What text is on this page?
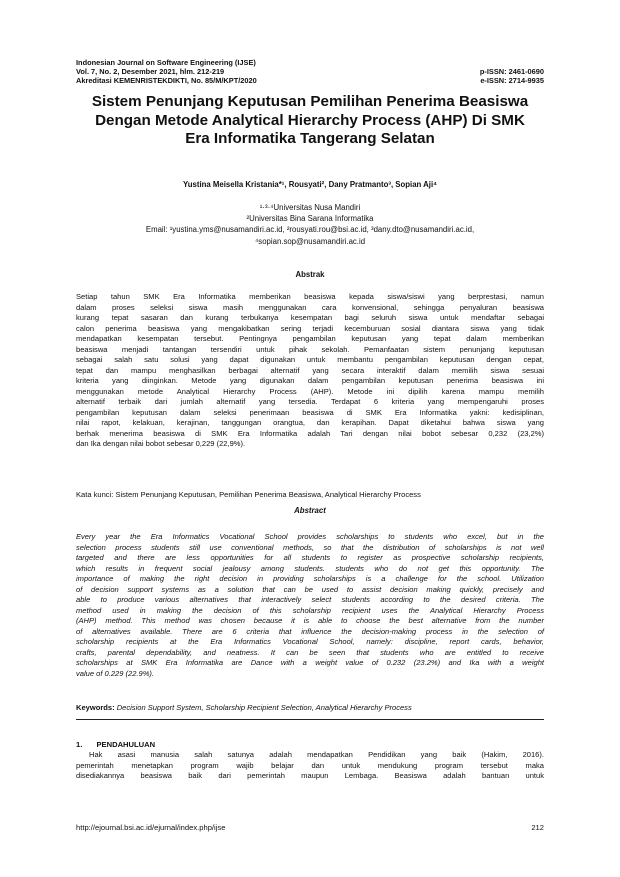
Indonesian Journal on Software Engineering (IJSE)
Vol. 7, No. 2, Desember 2021, hlm. 212-219	p-ISSN: 2461-0690
Akreditasi KEMENRISTEKDIKTI, No. 85/M/KPT/2020	e-ISSN: 2714-9935
Sistem Penunjang Keputusan Pemilihan Penerima Beasiswa
Dengan Metode Analytical Hierarchy Process (AHP) Di SMK
Era Informatika Tangerang Selatan
Yustina Meisella Kristania*¹, Rousyati², Dany Pratmanto³, Sopian Aji⁴
¹·³·⁴Universitas Nusa Mandiri
²Universitas Bina Sarana Informatika
Email: ¹yustina.yms@nusamandiri.ac.id, ²rousyati.rou@bsi.ac.id, ³dany.dto@nusamandiri.ac.id,
⁴sopian.sop@nusamandiri.ac.id
Abstrak
Setiap tahun SMK Era Informatika memberikan beasiswa kepada siswa/siswi yang berprestasi, namun
dalam proses seleksi siswa masih menggunakan cara konvensional, sehingga penyaluran beasiswa
kurang tepat sasaran dan kurang terbukanya kesempatan bagi seluruh siswa untuk mendaftar sebagai
calon penerima beasiswa yang mengakibatkan sering terjadi kecemburuan sosial diantara siswa yang tidak
mendapatkan kesempatan tersebut. Pentingnya pengambilan keputusan yang tepat dalam memberikan
beasiswa menjadi tantangan tersendiri untuk pihak sekolah. Pemanfaatan sistem penunjang keputusan
sebagai salah satu solusi yang dapat digunakan untuk membantu pengambilan keputusan dengan cepat,
tepat dan mampu menghasilkan berbagai alternatif yang secara interaktif dalam memilih siswa sesuai
kriteria yang diinginkan. Metode yang digunakan dalam pengambilan keputusan penerima beasiswa ini
menggunakan metode Analytical Hierarchy Process (AHP). Metode ini dipilih karena mampu memilih
alternatif terbaik dari jumlah alternatif yang tersedia. Terdapat 6 kriteria yang mempengaruhi proses
pengambilan keputusan dalam seleksi penerimaan beasiswa di SMK Era Informatika yakni: kedisiplinan,
nilai rapot, kelakuan, kerajinan, tanggungan orangtua, dan kerapihan. Dapat diketahui bahwa siswa yang
berhak menerima beasiswa di SMK Era Informatika adalah Tari dengan nilai bobot sebesar 0,232 (23,2%)
dan Ika dengan nilai bobot sebesar 0,229 (22,9%).
Kata kunci: Sistem Penunjang Keputusan, Pemilihan Penerima Beasiswa, Analytical Hierarchy Process
Abstract
Every year the Era Informatics Vocational School provides scholarships to students who excel, but in the
selection process students still use conventional methods, so that the distribution of scholarships is not well
targeted and there are less opportunities for all students to register as prospective scholarship recipients,
which results in frequent social jealousy among students. students who do not get this opportunity. The
importance of making the right decision in providing scholarships is a challenge for the school. Utilization
of decision support systems as a solution that can be used to assist decision making quickly, precisely and
able to produce various alternatives that interactively select students according to the desired criteria. The
method used in making the decision of this scholarship recipient uses the Analytical Hierarchy Process
(AHP) method. This method was chosen because it is able to choose the best alternative from the number
of alternatives available. There are 6 criteria that influence the decision-making process in the selection of
scholarship recipients at the Era Informatics Vocational School, namely: discipline, report cards, behavior,
crafts, parental dependability, and neatness. It can be seen that students who are entitled to receive
scholarships at SMK Era Informatika are Dance with a weight value of 0.232 (23.2%) and Ika with a weight
value of 0.229 (22.9%).
Keywords: Decision Support System, Scholarship Recipient Selection, Analytical Hierarchy Process
1. PENDAHULUAN
Hak asasi manusia salah satunya adalah mendapatkan Pendidikan yang baik (Hakim, 2016).
pemerintah menetapkan program wajib belajar dan untuk mendukung program tersebut maka
disediakannya beasiswa baik dari pemerintah maupun Lembaga. Beasiswa adalah bantuan untuk
http://ejournal.bsi.ac.id/ejurnal/index.php/ijse	212
